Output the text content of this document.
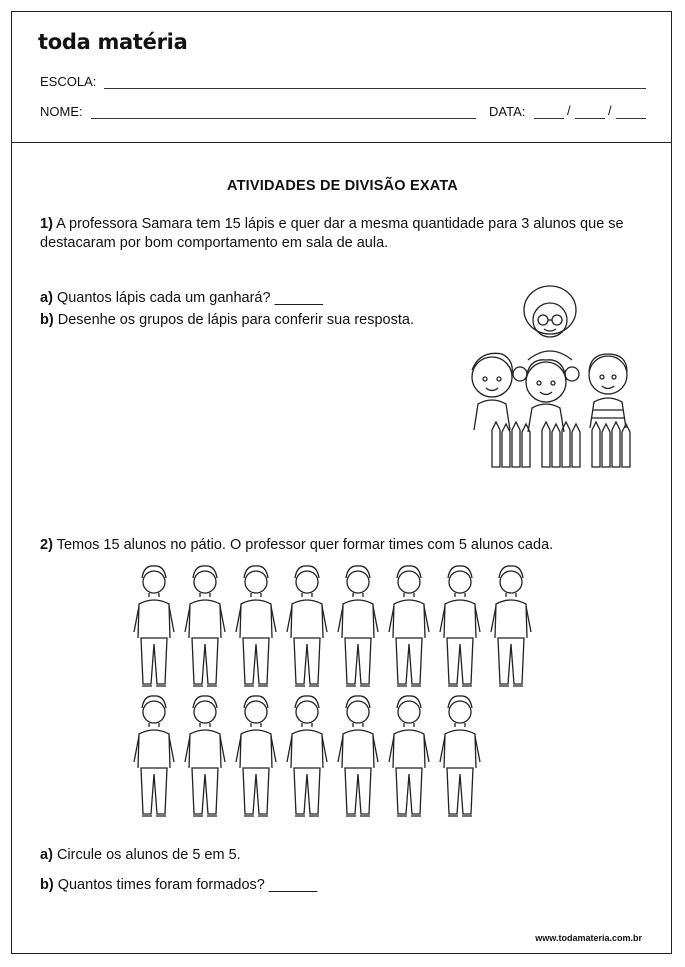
toda matéria
ESCOLA:
NOME:	DATA:	/	/
ATIVIDADES DE DIVISÃO EXATA
1) A professora Samara tem 15 lápis e quer dar a mesma quantidade para 3 alunos que se destacaram por bom comportamento em sala de aula.
a) Quantos lápis cada um ganhará? ______
b) Desenhe os grupos de lápis para conferir sua resposta.
2) Temos 15 alunos no pátio. O professor quer formar times com 5 alunos cada.
a) Circule os alunos de 5 em 5.
b) Quantos times foram formados? ______
www.todamateria.com.br
